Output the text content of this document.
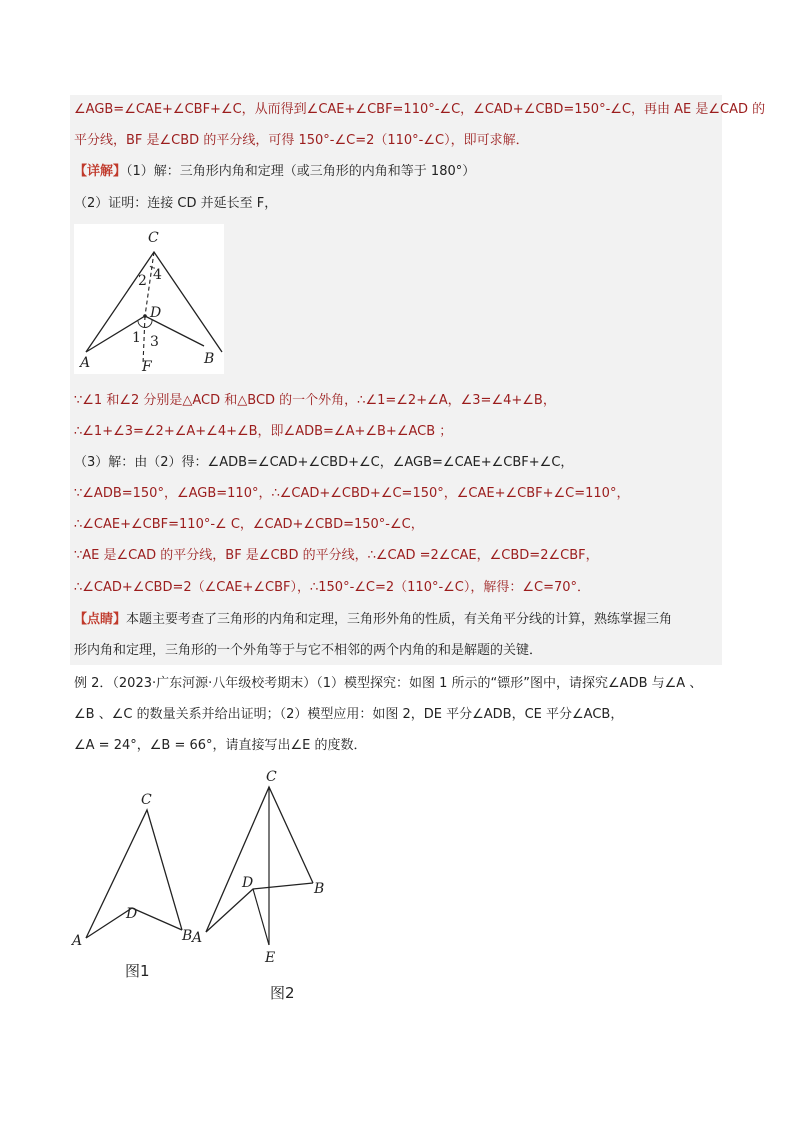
∠AGB=∠CAE+∠CBF+∠C，从而得到∠CAE+∠CBF=110°-∠C，∠CAD+∠CBD=150°-∠C，再由 AE 是∠CAD 的
平分线，BF 是∠CBD 的平分线，可得 150°-∠C=2（110°-∠C），即可求解．
【详解】（1）解：三角形内角和定理（或三角形的内角和等于 180°）
（2）证明：连接 CD 并延长至 F，
C
D
A	B
F
2 4
1 3
∵∠1 和∠2 分别是△ACD 和△BCD 的一个外角，∴∠1=∠2+∠A，∠3=∠4+∠B，
∴∠1+∠3=∠2+∠A+∠4+∠B，即∠ADB=∠A+∠B+∠ACB ；
（3）解：由（2）得：∠ADB=∠CAD+∠CBD+∠C，∠AGB=∠CAE+∠CBF+∠C，
∵∠ADB=150°，∠AGB=110°，∴∠CAD+∠CBD+∠C=150°，∠CAE+∠CBF+∠C=110°，
∴∠CAE+∠CBF=110°-∠ C，∠CAD+∠CBD=150°-∠C，
∵AE 是∠CAD 的平分线，BF 是∠CBD 的平分线，∴∠CAD =2∠CAE，∠CBD=2∠CBF，
∴∠CAD+∠CBD=2（∠CAE+∠CBF），∴150°-∠C=2（110°-∠C），解得：∠C=70°．
【点睛】本题主要考查了三角形的内角和定理，三角形外角的性质，有关角平分线的计算，熟练掌握三角
形内角和定理，三角形的一个外角等于与它不相邻的两个内角的和是解题的关键．
例 2．（2023·广东河源·八年级校考期末）（1）模型探究：如图 1 所示的“镖形”图中，请探究∠ADB 与∠A 、
∠B 、∠C 的数量关系并给出证明；（2）模型应用：如图 2，DE 平分∠ADB，CE 平分∠ACB，
∠A = 24°，∠B = 66°，请直接写出∠E 的度数．
C
D
A	B
图1
C
D	B
A
E
图2
